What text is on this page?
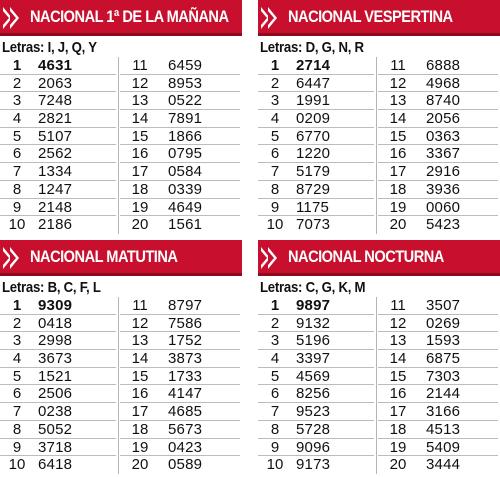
NACIONAL 1ª DE LA MAÑANA
Letras: I, J, Q, Y
1	4631
2	2063
3	7248
4	2821
5	5107
6	2562
7	1334
8	1247
9	2148
10 2186
11 6459
12 8953
13 0522
14 7891
15 1866
16 0795
17 0584
18 0339
19 4649
20 1561
NACIONAL VESPERTINA
Letras: D, G, N, R
1	2714
2	6447
3	1991
4	0209
5	6770
6	1220
7	5179
8	8729
9	1175
10 7073
11 6888
12 4968
13 8740
14 2056
15 0363
16 3367
17 2916
18 3936
19 0060
20 5423
NACIONAL MATUTINA
Letras: B, C, F, L
1	9309
2	0418
3	2998
4	3673
5	1521
6	2506
7	0238
8	5052
9	3718
10 6418
11 8797
12 7586
13 1752
14 3873
15 1733
16 4147
17 4685
18 5673
19 0423
20 0589
NACIONAL NOCTURNA
Letras: C, G, K, M
1	9897
2	9132
3	5196
4	3397
5	4569
6	8256
7	9523
8	5728
9	9096
10 9173
11 3507
12 0269
13 1593
14 6875
15 7303
16 2144
17 3166
18 4513
19 5409
20 3444
